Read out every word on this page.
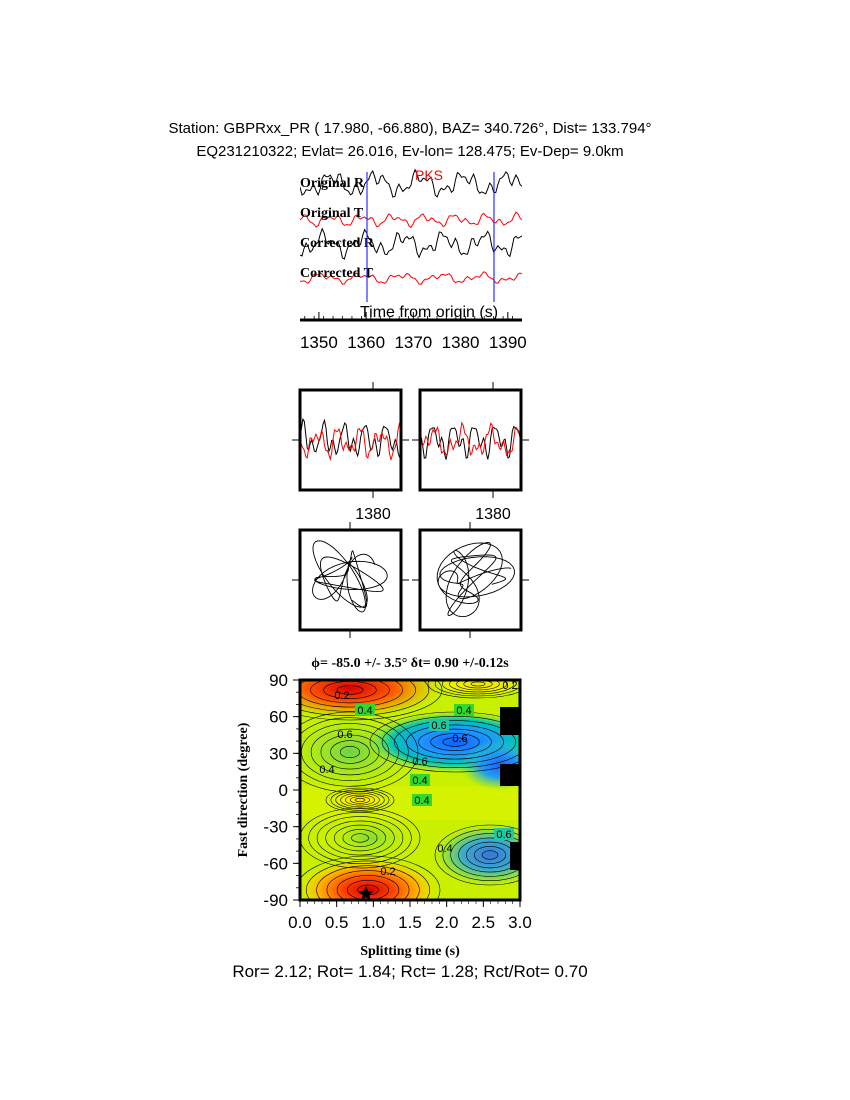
Station: GBPRxx_PR ( 17.980, -66.880), BAZ= 340.726°, Dist= 133.794°
EQ231210322; Evlat= 26.016, Ev-lon= 128.475; Ev-Dep= 9.0km
Original R
Original T
Corrected R
Corrected T
PKS
Time from origin (s)
1350 1360 1370 1380 1390
1380	1380
ϕ= -85.0 +/- 3.5° δt= 0.90 +/-0.12s
0.4
0.2
0.4
0.6
0.6
0.4
0.6
0.6
0.4
0.4
0.6
0.4
0.2
0.2
0.0 0.5 1.0 1.5 2.0 2.5 3.0
-90
-60
-30
0
30
60
90
Splitting time (s)
Fast direction (degree)
Ror= 2.12; Rot= 1.84; Rct= 1.28; Rct/Rot= 0.70
